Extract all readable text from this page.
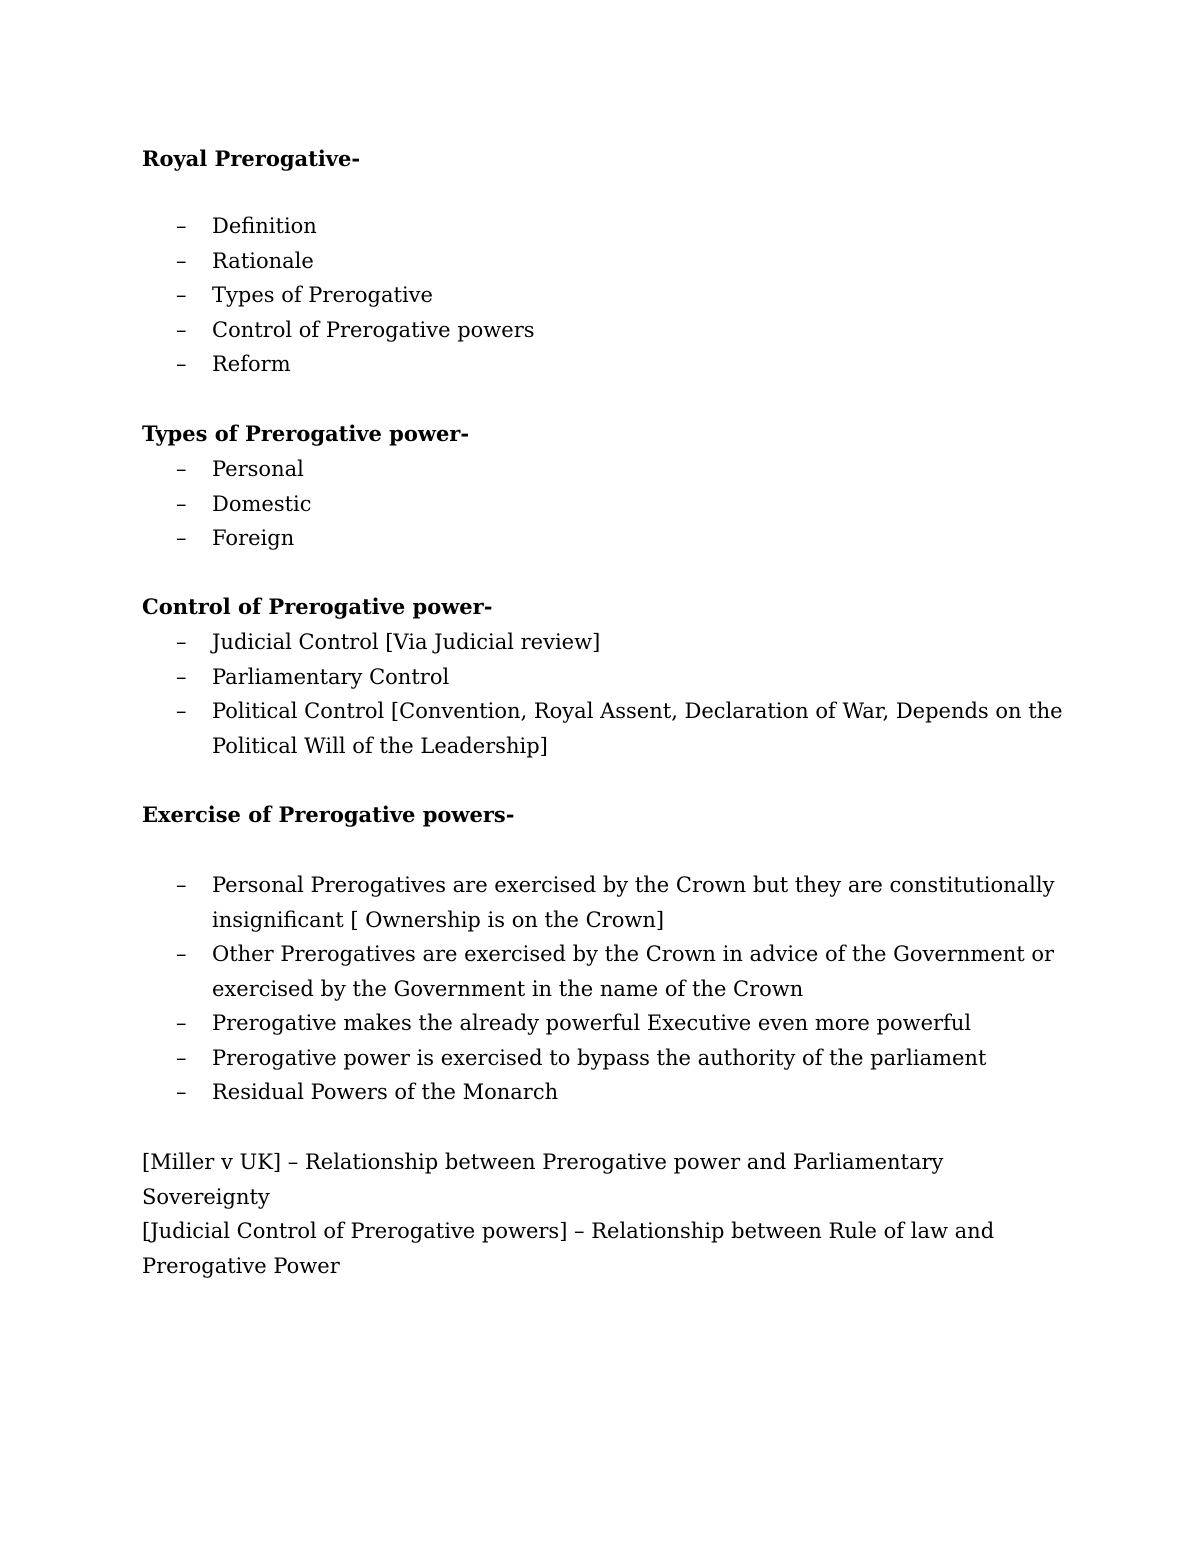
Royal Prerogative-
– Definition
– Rationale
– Types of Prerogative
– Control of Prerogative powers
– Reform
Types of Prerogative power-
– Personal
– Domestic
– Foreign
Control of Prerogative power-
– Judicial Control [Via Judicial review]
– Parliamentary Control
– Political Control [Convention, Royal Assent, Declaration of War, Depends on the Political Will of the Leadership]
Exercise of Prerogative powers-
– Personal Prerogatives are exercised by the Crown but they are constitutionally insignificant [ Ownership is on the Crown]
– Other Prerogatives are exercised by the Crown in advice of the Government or exercised by the Government in the name of the Crown
– Prerogative makes the already powerful Executive even more powerful
– Prerogative power is exercised to bypass the authority of the parliament
– Residual Powers of the Monarch
[Miller v UK] – Relationship between Prerogative power and Parliamentary Sovereignty
[Judicial Control of Prerogative powers] – Relationship between Rule of law and Prerogative Power
